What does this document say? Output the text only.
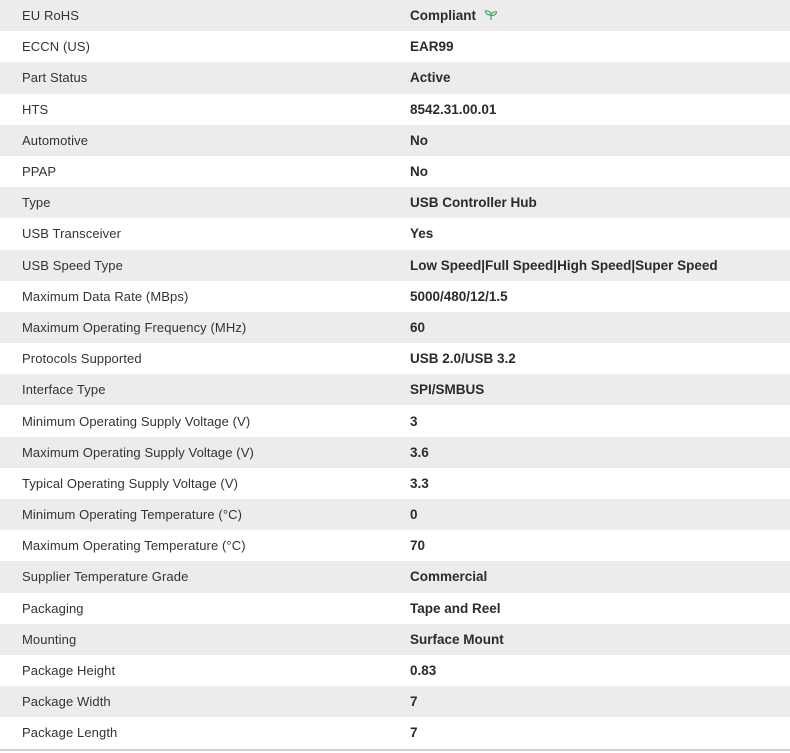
EU RoHS	Compliant
ECCN (US)	EAR99
Part Status	Active
HTS	8542.31.00.01
Automotive	No
PPAP	No
Type	USB Controller Hub
USB Transceiver	Yes
USB Speed Type	Low Speed|Full Speed|High Speed|Super Speed
Maximum Data Rate (MBps)	5000/480/12/1.5
Maximum Operating Frequency (MHz)	60
Protocols Supported	USB 2.0/USB 3.2
Interface Type	SPI/SMBUS
Minimum Operating Supply Voltage (V)	3
Maximum Operating Supply Voltage (V)	3.6
Typical Operating Supply Voltage (V)	3.3
Minimum Operating Temperature (°C)	0
Maximum Operating Temperature (°C)	70
Supplier Temperature Grade	Commercial
Packaging	Tape and Reel
Mounting	Surface Mount
Package Height	0.83
Package Width	7
Package Length	7
